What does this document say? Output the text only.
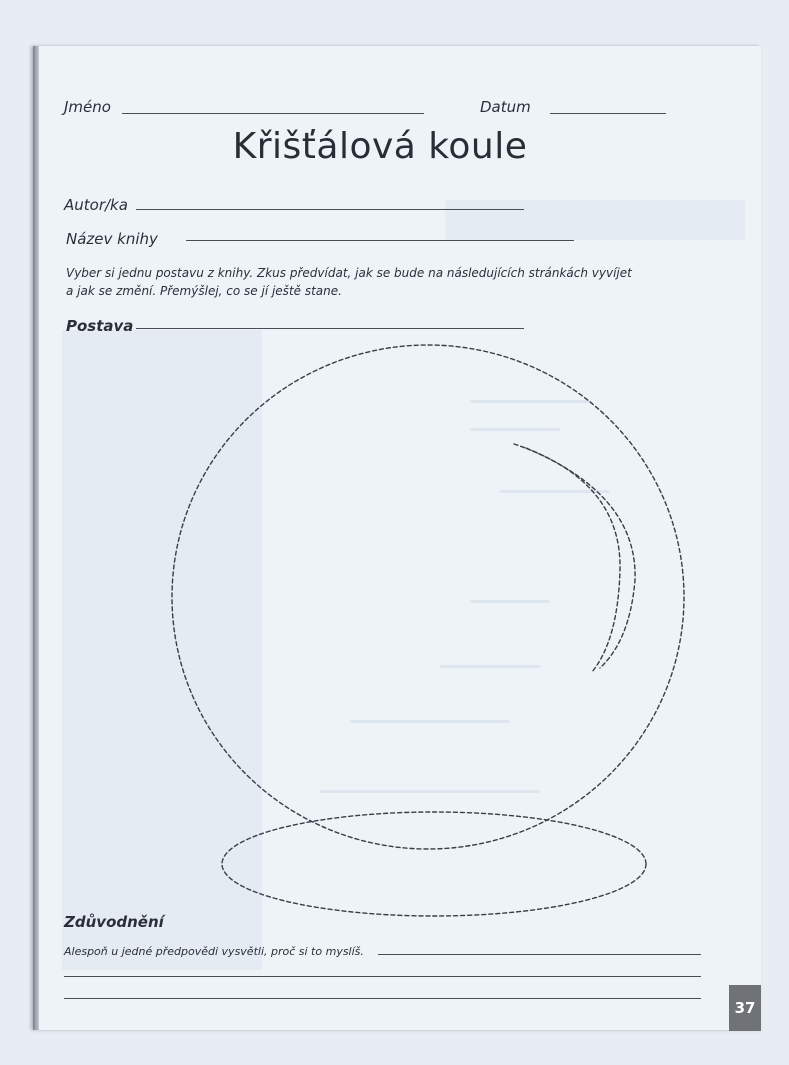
Jméno	Datum
Křišťálová koule
Autor/ka
Název knihy
Vyber si jednu postavu z knihy. Zkus předvídat, jak se bude na následujících stránkách vyvíjet
a jak se změní. Přemýšlej, co se jí ještě stane.
Postava
Zdůvodnění
Alespoň u jedné předpovědi vysvětli, proč si to myslíš.
37
